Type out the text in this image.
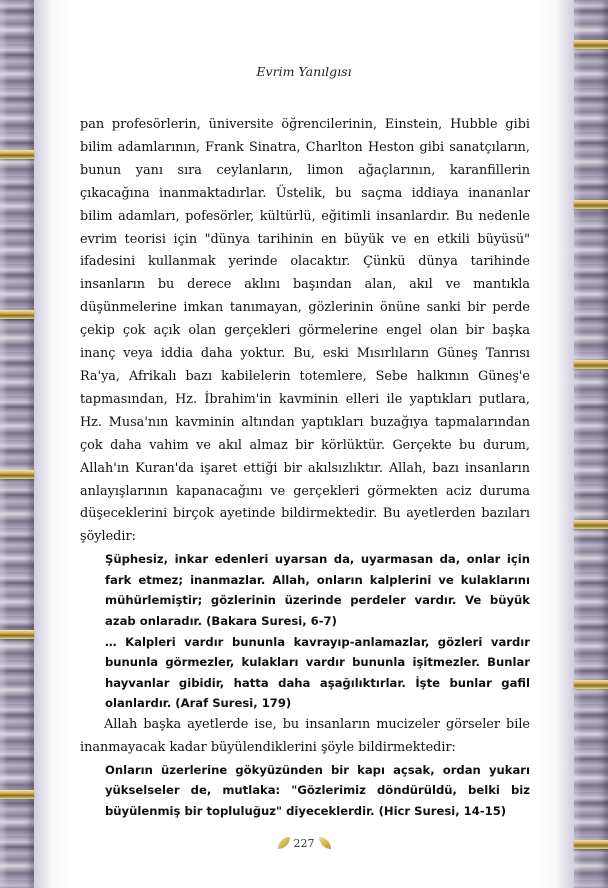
Evrim Yanılgısı

pan profesörlerin, üniversite öğrencilerinin, Einstein, Hubble gibi bilim adamlarının, Frank Sinatra, Charlton Heston gibi sanatçıların, bunun yanı sıra ceylanların, limon ağaçlarının, karanfillerin çıkacağına inanmaktadırlar. Üstelik, bu saçma iddiaya inananlar bilim adamları, pofesörler, kültürlü, eğitimli insanlardır. Bu nedenle evrim teorisi için "dünya tarihinin en büyük ve en etkili büyüsü" ifadesini kullanmak yerinde olacaktır. Çünkü dünya tarihinde insanların bu derece aklını başından alan, akıl ve mantıkla düşünmelerine imkan tanımayan, gözlerinin önüne sanki bir perde çekip çok açık olan gerçekleri görmelerine engel olan bir başka inanç veya iddia daha yoktur. Bu, eski Mısırlıların Güneş Tanrısı Ra'ya, Afrikalı bazı kabilelerin totemlere, Sebe halkının Güneş'e tapmasından, Hz. İbrahim'in kavminin elleri ile yaptıkları putlara, Hz. Musa'nın kavminin altından yaptıkları buzağıya tapmalarından çok daha vahim ve akıl almaz bir körlüktür. Gerçekte bu durum, Allah'ın Kuran'da işaret ettiği bir akılsızlıktır. Allah, bazı insanların anlayışlarının kapanacağını ve gerçekleri görmekten aciz duruma düşeceklerini birçok ayetinde bildirmektedir. Bu ayetlerden bazıları şöyledir:

Şüphesiz, inkar edenleri uyarsan da, uyarmasan da, onlar için fark etmez; inanmazlar. Allah, onların kalplerini ve kulaklarını mühürlemiştir; gözlerinin üzerinde perdeler vardır. Ve büyük azab onlaradır. (Bakara Suresi, 6-7)

… Kalpleri vardır bununla kavrayıp-anlamazlar, gözleri vardır bununla görmezler, kulakları vardır bununla işitmezler. Bunlar hayvanlar gibidir, hatta daha aşağılıktırlar. İşte bunlar gafil olanlardır. (Araf Suresi, 179)

Allah başka ayetlerde ise, bu insanların mucizeler görseler bile inanmayacak kadar büyülendiklerini şöyle bildirmektedir:

Onların üzerlerine gökyüzünden bir kapı açsak, ordan yukarı yükselseler de, mutlaka: "Gözlerimiz döndürüldü, belki biz büyülenmiş bir topluluğuz" diyeceklerdir. (Hicr Suresi, 14-15)

227
